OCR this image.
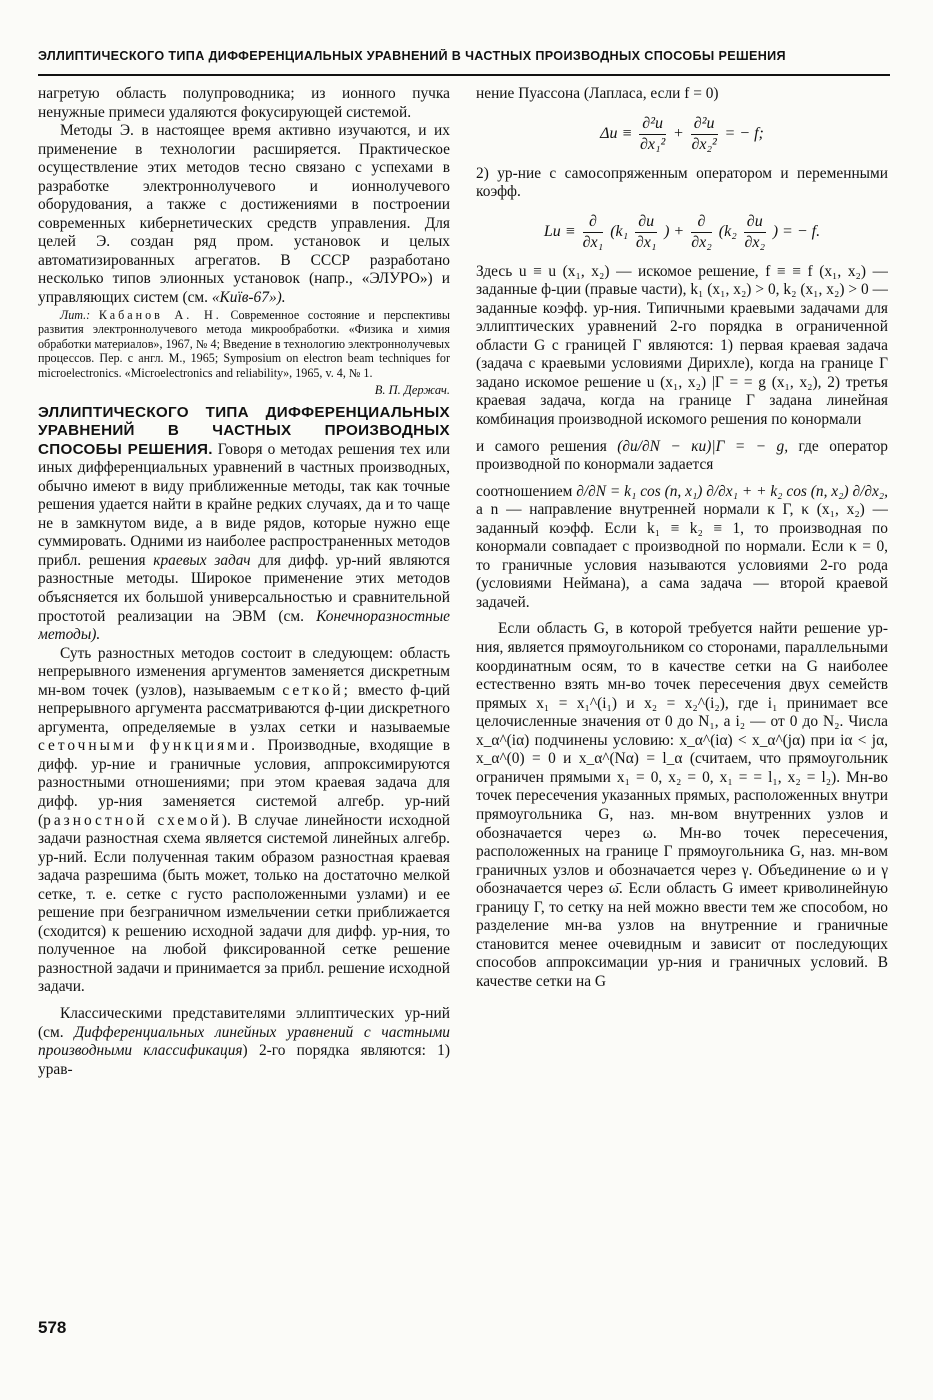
ЭЛЛИПТИЧЕСКОГО ТИПА ДИФФЕРЕНЦИАЛЬНЫХ УРАВНЕНИЙ В ЧАСТНЫХ ПРОИЗВОДНЫХ СПОСОБЫ РЕШЕНИЯ

нагретую область полупроводника; из ионного пучка ненужные примеси удаляются фокусирующей системой.

Методы Э. в настоящее время активно изучаются, и их применение в технологии расширяется. Практическое осуществление этих методов тесно связано с успехами в разработке электроннолучевого и ионнолучевого оборудования, а также с достижениями в построении современных кибернетических средств управления. Для целей Э. создан ряд пром. установок и целых автоматизированных агрегатов. В СССР разработано несколько типов элионных установок (напр., «ЭЛУРО») и управляющих систем (см. «Киïв-67»).

Лит.: Кабанов А. Н. Современное состояние и перспективы развития электроннолучевого метода микрообработки. «Физика и химия обработки материалов», 1967, № 4; Введение в технологию электроннолучевых процессов. Пер. с англ. М., 1965; Symposium on electron beam techniques for microelectronics. «Microelectronics and reliability», 1965, v. 4, № 1.

В. П. Держач.

ЭЛЛИПТИЧЕСКОГО ТИПА ДИФФЕРЕНЦИАЛЬНЫХ УРАВНЕНИЙ В ЧАСТНЫХ ПРОИЗВОДНЫХ СПОСОБЫ РЕШЕНИЯ. Говоря о методах решения тех или иных дифференциальных уравнений в частных производных, обычно имеют в виду приближенные методы, так как точные решения удается найти в крайне редких случаях, да и то чаще не в замкнутом виде, а в виде рядов, которые нужно еще суммировать. Одними из наиболее распространенных методов прибл. решения краевых задач для дифф. ур-ний являются разностные методы. Широкое применение этих методов объясняется их большой универсальностью и сравнительной простотой реализации на ЭВМ (см. Конечноразностные методы).

Суть разностных методов состоит в следующем: область непрерывного изменения аргументов заменяется дискретным мн-вом точек (узлов), называемым сеткой; вместо ф-ций непрерывного аргумента рассматриваются ф-ции дискретного аргумента, определяемые в узлах сетки и называемые сеточными функциями. Производные, входящие в дифф. ур-ние и граничные условия, аппроксимируются разностными отношениями; при этом краевая задача для дифф. ур-ния заменяется системой алгебр. ур-ний (разностной схемой). В случае линейности исходной задачи разностная схема является системой линейных алгебр. ур-ний. Если полученная таким образом разностная краевая задача разрешима (быть может, только на достаточно мелкой сетке, т. е. сетке с густо расположенными узлами) и ее решение при безграничном измельчении сетки приближается (сходится) к решению исходной задачи для дифф. ур-ния, то полученное на любой фиксированной сетке решение разностной задачи и принимается за прибл. решение исходной задачи.

Классическими представителями эллиптических ур-ний (см. Дифференциальных линейных уравнений с частными производными классификация) 2-го порядка являются: 1) урав-

нение Пуассона (Лапласа, если f = 0)

$\Delta u \equiv \frac{\text{∂²u}}{\text{∂x₁²}} + \frac{\text{∂²u}}{\text{∂x₂²}}$ = − f;

2) ур-ние с самосопряженным оператором и переменными коэфф.

$Lu \equiv \frac{\partial}{\text{∂x₁}} (k_1 \frac{\partial u}{\text{∂x₁}}$ ) + $\frac{\partial}{\text{∂x₂}} (k_2 \frac{\partial u}{\text{∂x₂}}$ ) = − f.

Здесь u ≡ u (x₁, x₂) — искомое решение, f ≡ ≡ f (x₁, x₂) — заданные ф-ции (правые части), k₁ (x₁, x₂) > 0, k₂ (x₁, x₂) > 0 — заданные коэфф. ур-ния. Типичными краевыми задачами для эллиптических уравнений 2-го порядка в ограниченной области G с границей Г являются: 1) первая краевая задача (задача с краевыми условиями Дирихле), когда на границе Г задано искомое решение u (x₁, x₂) |Г = = g (x₁, x₂), 2) третья краевая задача, когда на границе Г задана линейная комбинация производной искомого решения по конормали

и самого решения (∂u/∂N − κu)|Г = − g, где оператор производной по конормали задается

соотношением ∂/∂N = k₁ cos (n, x₁) ∂/∂x₁ + + k₂ cos (n, x₂) ∂/∂x₂, а n — направление внутренней нормали к Г, κ (x₁, x₂) — заданный коэфф. Если k₁ ≡ k₂ ≡ 1, то производная по конормали совпадает с производной по нормали. Если κ = 0, то граничные условия называются условиями 2-го рода (условиями Неймана), а сама задача — второй краевой задачей.

Если область G, в которой требуется найти решение ур-ния, является прямоугольником со сторонами, параллельными координатным осям, то в качестве сетки на G наиболее естественно взять мн-во точек пересечения двух семейств прямых x₁ = x₁^(i₁) и x₂ = x₂^(i₂), где i₁ принимает все целочисленные значения от 0 до N₁, а i₂ — от 0 до N₂. Числа x_α^(iα) подчинены условию: x_α^(iα) < x_α^(jα) при iα < jα, x_α^(0) = 0 и x_α^(Nα) = l_α (считаем, что прямоугольник ограничен прямыми x₁ = 0, x₂ = 0, x₁ = = l₁, x₂ = l₂). Мн-во точек пересечения указанных прямых, расположенных внутри прямоугольника G, наз. мн-вом внутренних узлов и обозначается через ω. Мн-во точек пересечения, расположенных на границе Г прямоугольника G, наз. мн-вом граничных узлов и обозначается через γ. Объединение ω и γ обозначается через ω̄. Если область G имеет криволинейную границу Г, то сетку на ней можно ввести тем же способом, но разделение мн-ва узлов на внутренние и граничные становится менее очевидным и зависит от последующих способов аппроксимации ур-ния и граничных условий. В качестве сетки на G

578
